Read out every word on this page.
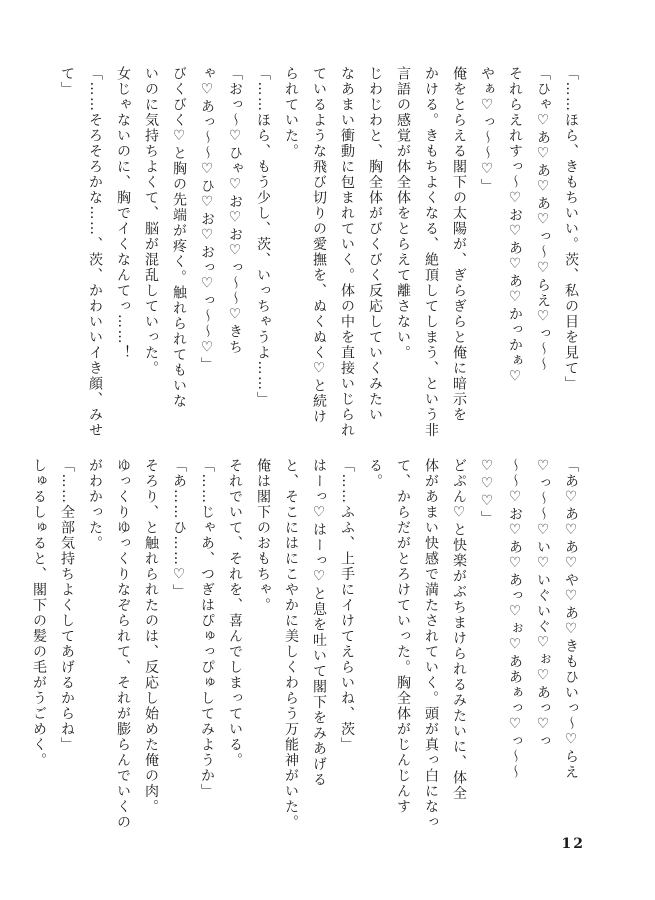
「……ほら、きもちいい。茨、私の目を見て」
「ひゃ♡あ♡あ♡あ♡っ〜♡らえ♡っ〜〜
それらえれすっ〜♡お♡あ♡あ♡かっかぁ♡
やぁ♡っ〜〜♡」
俺をとらえる閣下の太陽が、ぎらぎらと俺に暗示を
かける。きもちよくなる、絶頂してしまう、という非
言語の感覚が体全体をとらえて離さない。
じわじわと、胸全体がびくびく反応していくみたい
なあまい衝動に包まれていく。体の中を直接いじられ
ているような飛び切りの愛撫を、ぬくぬく♡と続け
られていた。
「……ほら、もう少し、茨、いっちゃうよ……」
「おっ〜♡ひゃ♡お♡お♡っ〜〜♡きち
ゃ♡あっ〜〜♡ひ♡お♡おっ♡っ〜〜♡」
びくびく♡と胸の先端が疼く。触れられてもいな
いのに気持ちよくて、脳が混乱していった。
女じゃないのに、胸でイくなんてっ……！
「……そろそろかな……、茨、かわいいイき顔、みせ
て」
「あ♡あ♡あ♡や♡あ♡きもひいっ〜♡らえ
♡っ〜〜♡い♡いぐいぐ♡ぉ♡あっ♡っ
〜〜♡お♡あ♡あっ♡ぉ♡ああぁっ♡っ〜〜
♡♡♡」
どぷん♡と快楽がぶちまけられるみたいに、体全
体があまい快感で満たされていく。頭が真っ白になっ
て、からだがとろけていった。胸全体がじんじんす
る。
「……ふふ、上手にイけてえらいね、茨」
はーっ♡はーっ♡と息を吐いて閣下をみあげる
と、そこにはにこやかに美しくわらう万能神がいた。
俺は閣下のおもちゃ。
それでいて、それを、喜んでしまっている。
「……じゃあ、つぎはぴゅっぴゅしてみようか」
「あ……ひ……♡」
そろり、と触れられたのは、反応し始めた俺の肉。
ゆっくりゆっくりなぞられて、それが膨らんでいくの
がわかった。
「……全部気持ちよくしてあげるからね」
しゅるしゅると、閣下の髪の毛がうごめく。
12
